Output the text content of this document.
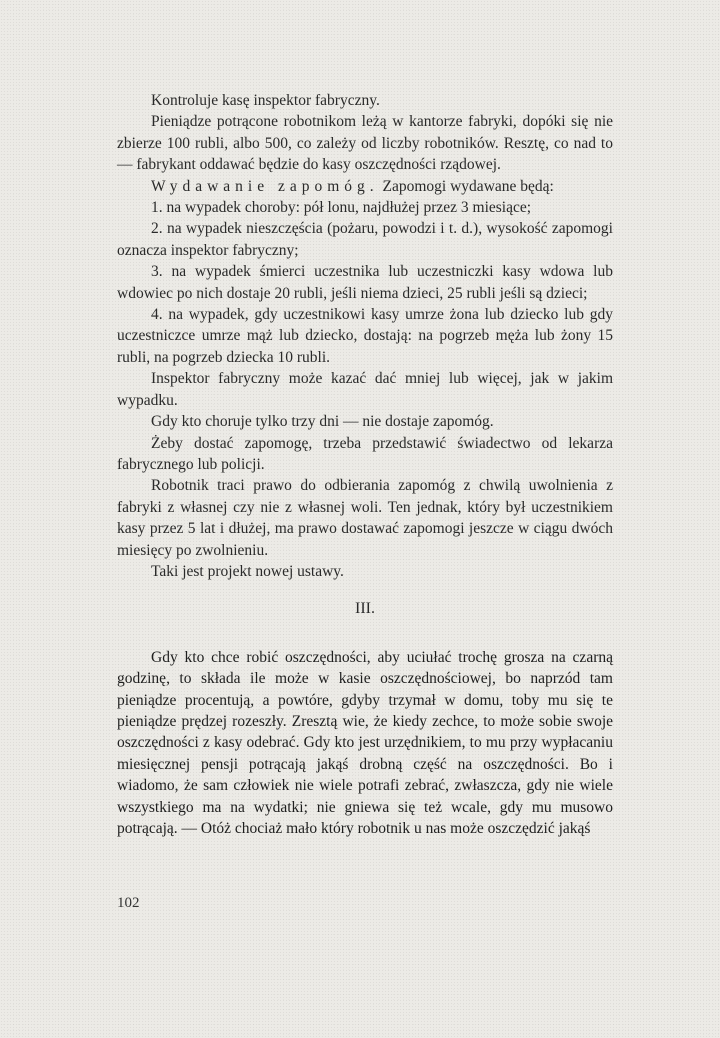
Kontroluje kasę inspektor fabryczny.

Pieniądze potrącone robotnikom leżą w kantorze fabryki, dopóki się nie zbierze 100 rubli, albo 500, co zależy od liczby robotników. Resztę, co nad to — fabrykant oddawać będzie do kasy oszczędności rządowej.

Wydawanie zapomóg. Zapomogi wydawane będą:

1. na wypadek choroby: pół lonu, najdłużej przez 3 miesiące;

2. na wypadek nieszczęścia (pożaru, powodzi i t. d.), wysokość zapomogi oznacza inspektor fabryczny;

3. na wypadek śmierci uczestnika lub uczestniczki kasy wdowa lub wdowiec po nich dostaje 20 rubli, jeśli niema dzieci, 25 rubli jeśli są dzieci;

4. na wypadek, gdy uczestnikowi kasy umrze żona lub dziecko lub gdy uczestniczce umrze mąż lub dziecko, dostają: na pogrzeb męża lub żony 15 rubli, na pogrzeb dziecka 10 rubli.

Inspektor fabryczny może kazać dać mniej lub więcej, jak w jakim wypadku.

Gdy kto choruje tylko trzy dni — nie dostaje zapomóg.

Żeby dostać zapomogę, trzeba przedstawić świadectwo od lekarza fabrycznego lub policji.

Robotnik traci prawo do odbierania zapomóg z chwilą uwolnienia z fabryki z własnej czy nie z własnej woli. Ten jednak, który był uczestnikiem kasy przez 5 lat i dłużej, ma prawo dostawać zapomogi jeszcze w ciągu dwóch miesięcy po zwolnieniu.

Taki jest projekt nowej ustawy.

III.

Gdy kto chce robić oszczędności, aby uciułać trochę grosza na czarną godzinę, to składa ile może w kasie oszczędnościowej, bo naprzód tam pieniądze procentują, a powtóre, gdyby trzymał w domu, toby mu się te pieniądze prędzej rozeszły. Zresztą wie, że kiedy zechce, to może sobie swoje oszczędności z kasy odebrać. Gdy kto jest urzędnikiem, to mu przy wypłacaniu miesięcznej pensji potrącają jakąś drobną część na oszczędności. Bo i wiadomo, że sam człowiek nie wiele potrafi zebrać, zwłaszcza, gdy nie wiele wszystkiego ma na wydatki; nie gniewa się też wcale, gdy mu musowo potrącają. — Otóż chociaż mało który robotnik u nas może oszczędzić jakąś

102
